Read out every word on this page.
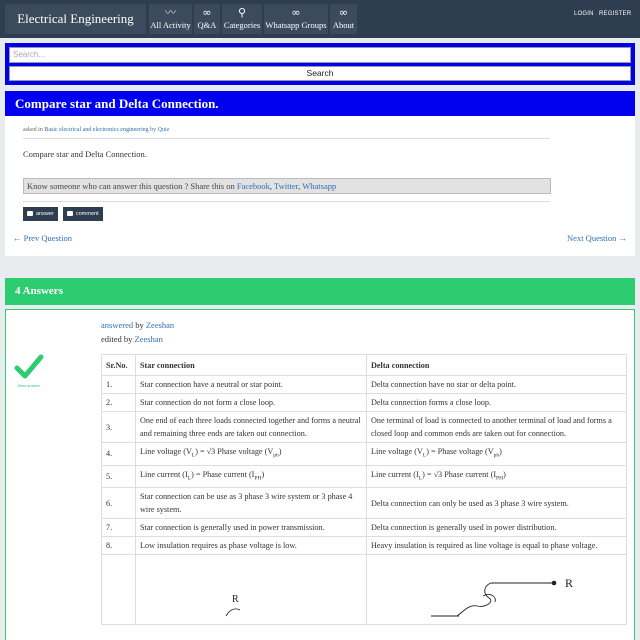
Electrical Engineering	〰
All Activity
∞
Q&A
⚲
Categories
∞
Whatsapp Groups
∞
About
LOGIN REGISTER
Search...
Search
Compare star and Delta Connection.
asked in Basic electrical and electronics engineering by Quiz
Compare star and Delta Connection.
Know someone who can answer this question ? Share this on Facebook, Twitter, Whatsapp
answer	comment
← Prev Question	Next Question →
4 Answers
Best answer
answered by Zeeshan
edited by Zeeshan
Sr.No.	Star connection	Delta connection
1.	Star connection have a neutral or star point.	Delta connection have no star or delta point.
2.	Star connection do not form a close loop.	Delta connection forms a close loop.
3.	One end of each three loads connected together and forms a neutral and remaining three ends are taken out connection.	One terminal of load is connected to another terminal of load and forms a closed loop and common ends are taken out for connection.
4.	Line voltage $(V_L) = √3$ Phase voltage $(V_{ph})$	Line voltage $(V_L)$ = Phase voltage $(V_{ph})$
5.	Line current $(I_L)$ = Phase current $(I_{PH})$	Line current $(I_L) = √3$ Phase current $(I_{PH})$
6.	Star connection can be use as 3 phase 3 wire system or 3 phase 4 wire system.	Delta connection can only be used as 3 phase 3 wire system.
7.	Star connection is generally used in power transmission.	Delta connection is generally used in power distribution.
8.	Low insulation requires as phase voltage is low.	Heavy insulation is required as line voltage is equal to phase voltage.

R	R
